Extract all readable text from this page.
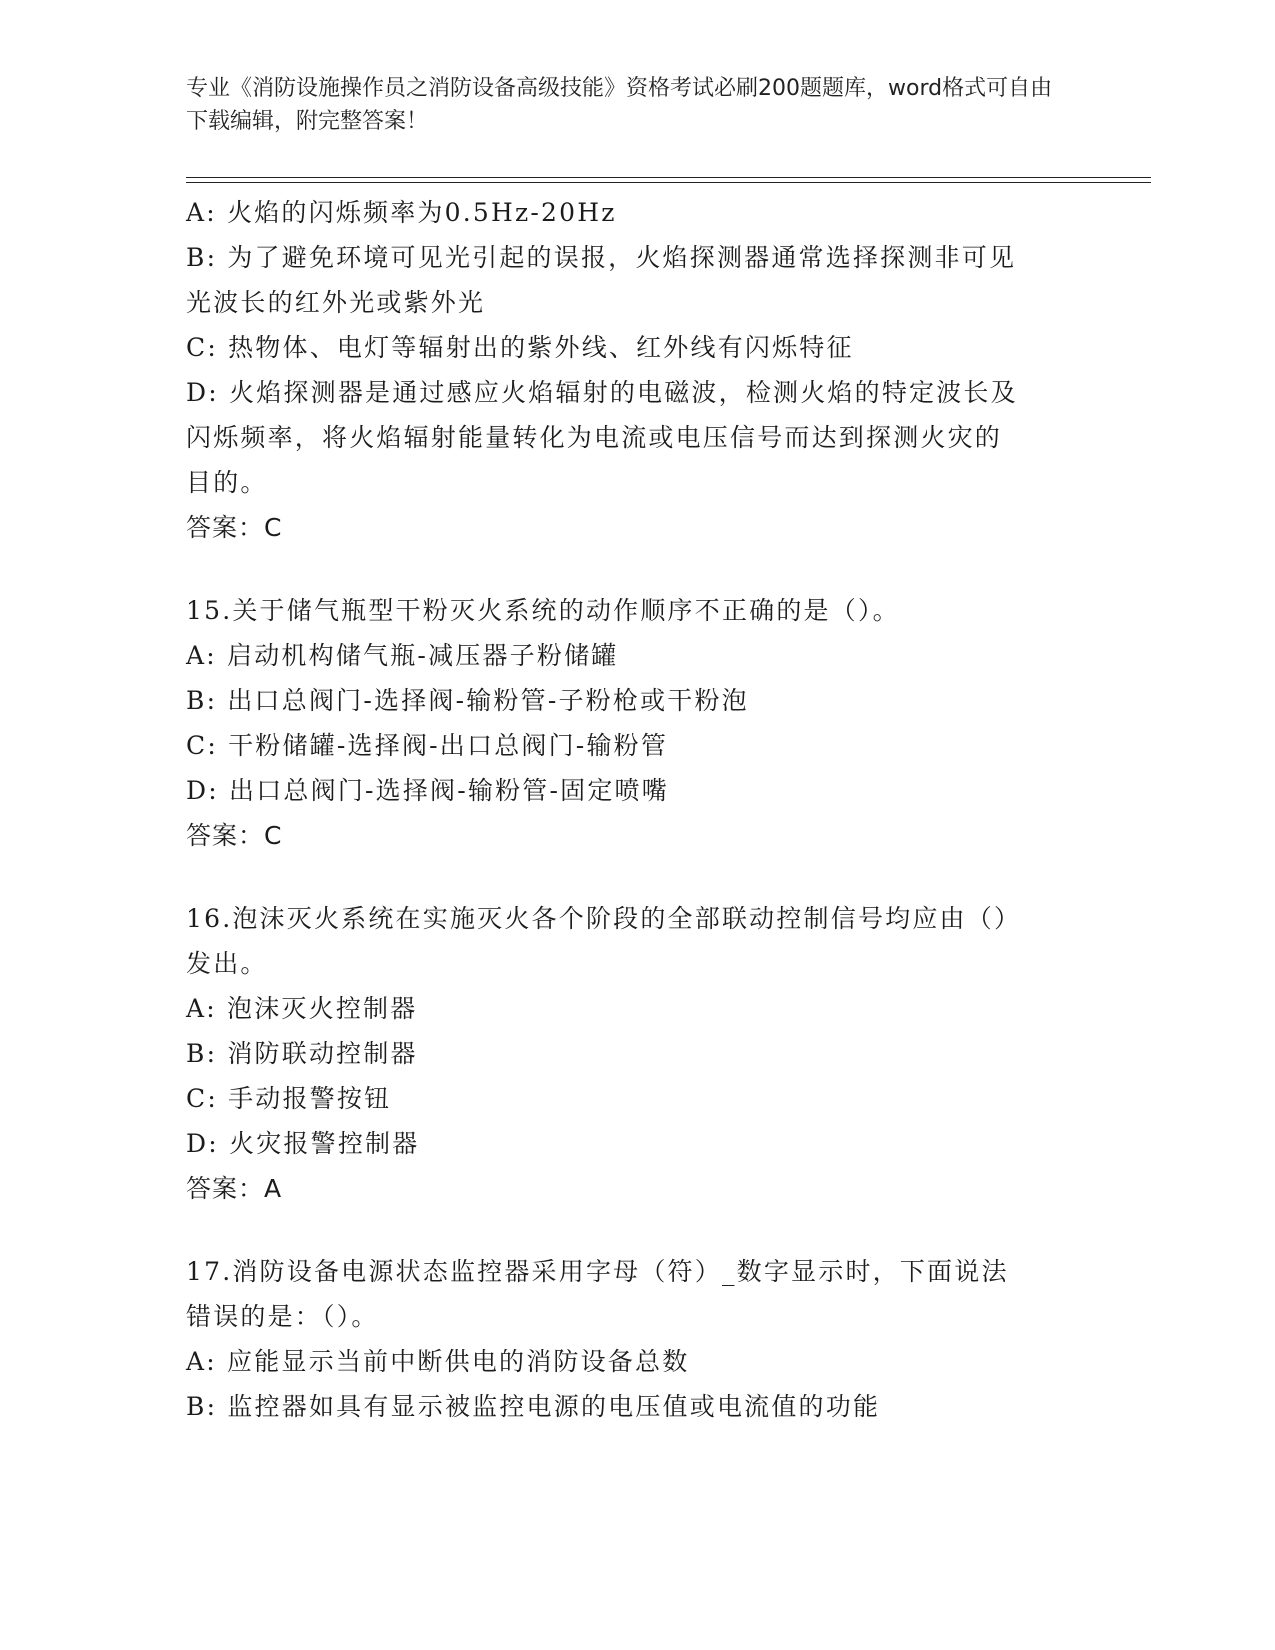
专业《消防设施操作员之消防设备高级技能》资格考试必刷200题题库，word格式可自由下载编辑，附完整答案！
A: 火焰的闪烁频率为0.5Hz-20Hz
B: 为了避免环境可见光引起的误报，火焰探测器通常选择探测非可见
光波长的红外光或紫外光
C: 热物体、电灯等辐射出的紫外线、红外线有闪烁特征
D: 火焰探测器是通过感应火焰辐射的电磁波，检测火焰的特定波长及
闪烁频率，将火焰辐射能量转化为电流或电压信号而达到探测火灾的
目的。
答案：C
15.关于储气瓶型干粉灭火系统的动作顺序不正确的是（）。
A: 启动机构储气瓶-减压器子粉储罐
B: 出口总阀门-选择阀-输粉管-子粉枪或干粉泡
C: 干粉储罐-选择阀-出口总阀门-输粉管
D: 出口总阀门-选择阀-输粉管-固定喷嘴
答案：C
16.泡沫灭火系统在实施灭火各个阶段的全部联动控制信号均应由（）
发出。
A: 泡沫灭火控制器
B: 消防联动控制器
C: 手动报警按钮
D: 火灾报警控制器
答案：A
17.消防设备电源状态监控器采用字母（符）_数字显示时，下面说法
错误的是：（）。
A: 应能显示当前中断供电的消防设备总数
B: 监控器如具有显示被监控电源的电压值或电流值的功能
